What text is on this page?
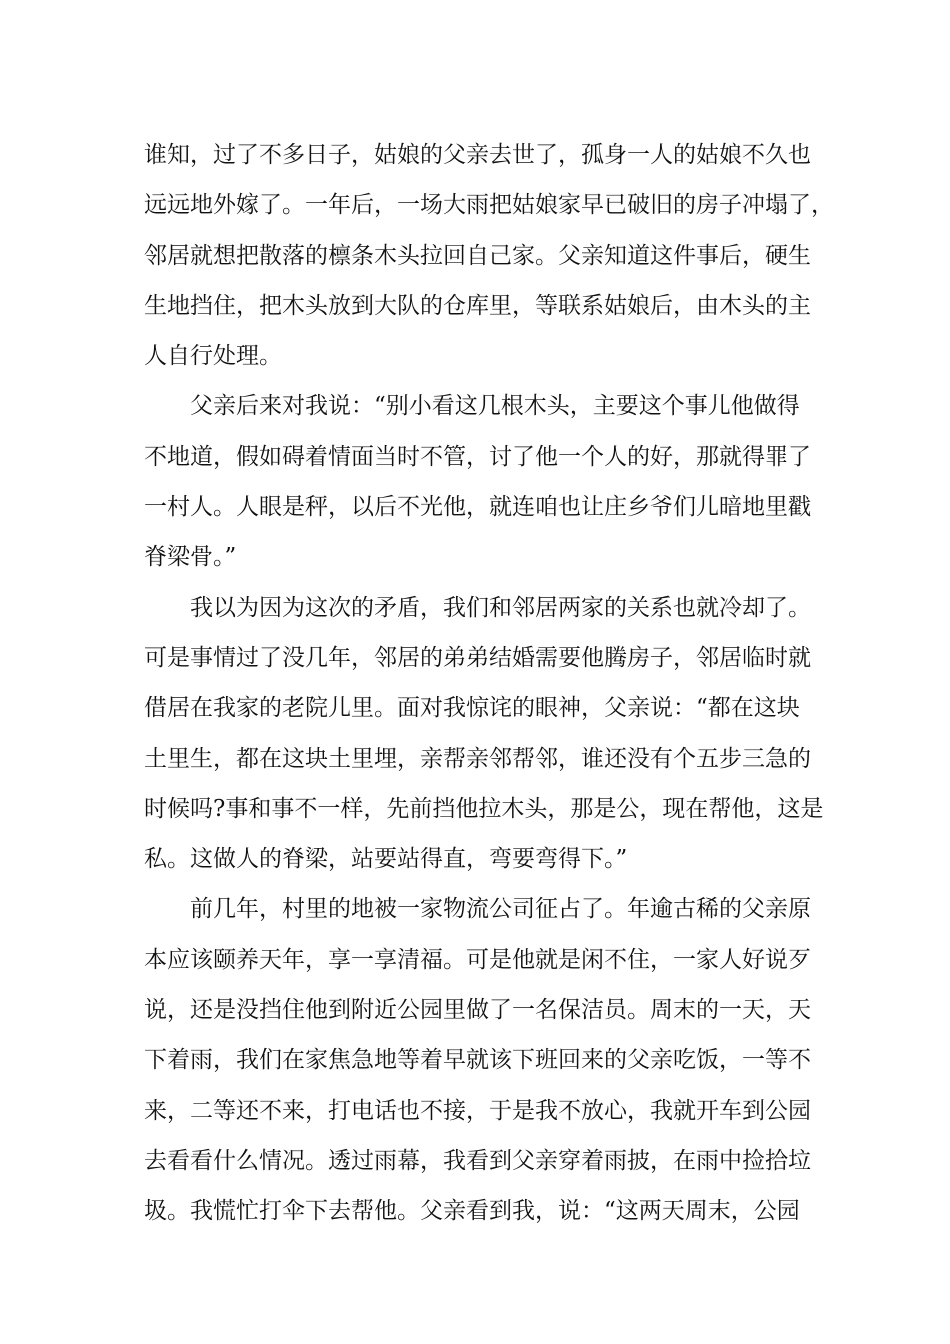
谁知，过了不多日子，姑娘的父亲去世了，孤身一人的姑娘不久也
远远地外嫁了。一年后，一场大雨把姑娘家早已破旧的房子冲塌了，
邻居就想把散落的檩条木头拉回自己家。父亲知道这件事后，硬生
生地挡住，把木头放到大队的仓库里，等联系姑娘后，由木头的主
人自行处理。
父亲后来对我说：“别小看这几根木头，主要这个事儿他做得
不地道，假如碍着情面当时不管，讨了他一个人的好，那就得罪了
一村人。人眼是秤，以后不光他，就连咱也让庄乡爷们儿暗地里戳
脊梁骨。”
我以为因为这次的矛盾，我们和邻居两家的关系也就冷却了。
可是事情过了没几年，邻居的弟弟结婚需要他腾房子，邻居临时就
借居在我家的老院儿里。面对我惊诧的眼神，父亲说：“都在这块
土里生，都在这块土里埋，亲帮亲邻帮邻，谁还没有个五步三急的
时候吗?事和事不一样，先前挡他拉木头，那是公，现在帮他，这是
私。这做人的脊梁，站要站得直，弯要弯得下。”
前几年，村里的地被一家物流公司征占了。年逾古稀的父亲原
本应该颐养天年，享一享清福。可是他就是闲不住，一家人好说歹
说，还是没挡住他到附近公园里做了一名保洁员。周末的一天，天
下着雨，我们在家焦急地等着早就该下班回来的父亲吃饭，一等不
来，二等还不来，打电话也不接，于是我不放心，我就开车到公园
去看看什么情况。透过雨幕，我看到父亲穿着雨披，在雨中捡拾垃
圾。我慌忙打伞下去帮他。父亲看到我，说：“这两天周末，公园
